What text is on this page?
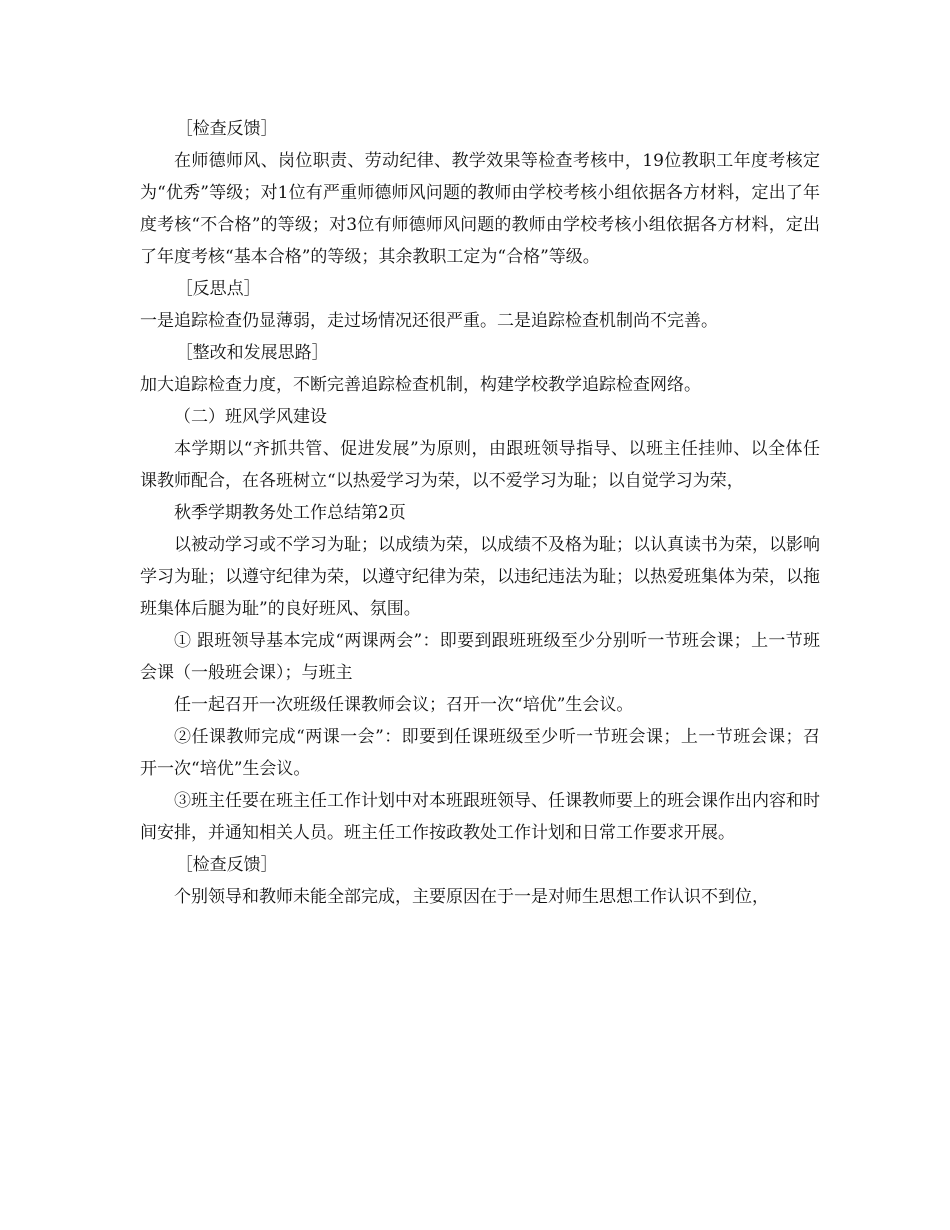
［检查反馈］

在师德师风、岗位职责、劳动纪律、教学效果等检查考核中，19位教职工年度考核定为“优秀”等级；对1位有严重师德师风问题的教师由学校考核小组依据各方材料，定出了年度考核“不合格”的等级；对3位有师德师风问题的教师由学校考核小组依据各方材料，定出了年度考核“基本合格”的等级；其余教职工定为“合格”等级。

［反思点］

一是追踪检查仍显薄弱，走过场情况还很严重。二是追踪检查机制尚不完善。

［整改和发展思路］

加大追踪检查力度，不断完善追踪检查机制，构建学校教学追踪检查网络。

（二）班风学风建设

本学期以“齐抓共管、促进发展”为原则，由跟班领导指导、以班主任挂帅、以全体任课教师配合，在各班树立“以热爱学习为荣，以不爱学习为耻；以自觉学习为荣，

秋季学期教务处工作总结第2页

以被动学习或不学习为耻；以成绩为荣，以成绩不及格为耻；以认真读书为荣，以影响学习为耻；以遵守纪律为荣，以遵守纪律为荣，以违纪违法为耻；以热爱班集体为荣，以拖班集体后腿为耻”的良好班风、氛围。

① 跟班领导基本完成“两课两会”：即要到跟班班级至少分别听一节班会课；上一节班会课（一般班会课）；与班主

任一起召开一次班级任课教师会议；召开一次“培优”生会议。

②任课教师完成“两课一会”：即要到任课班级至少听一节班会课；上一节班会课；召开一次“培优”生会议。

③班主任要在班主任工作计划中对本班跟班领导、任课教师要上的班会课作出内容和时间安排，并通知相关人员。班主任工作按政教处工作计划和日常工作要求开展。

［检查反馈］

个别领导和教师未能全部完成，主要原因在于一是对师生思想工作认识不到位，
